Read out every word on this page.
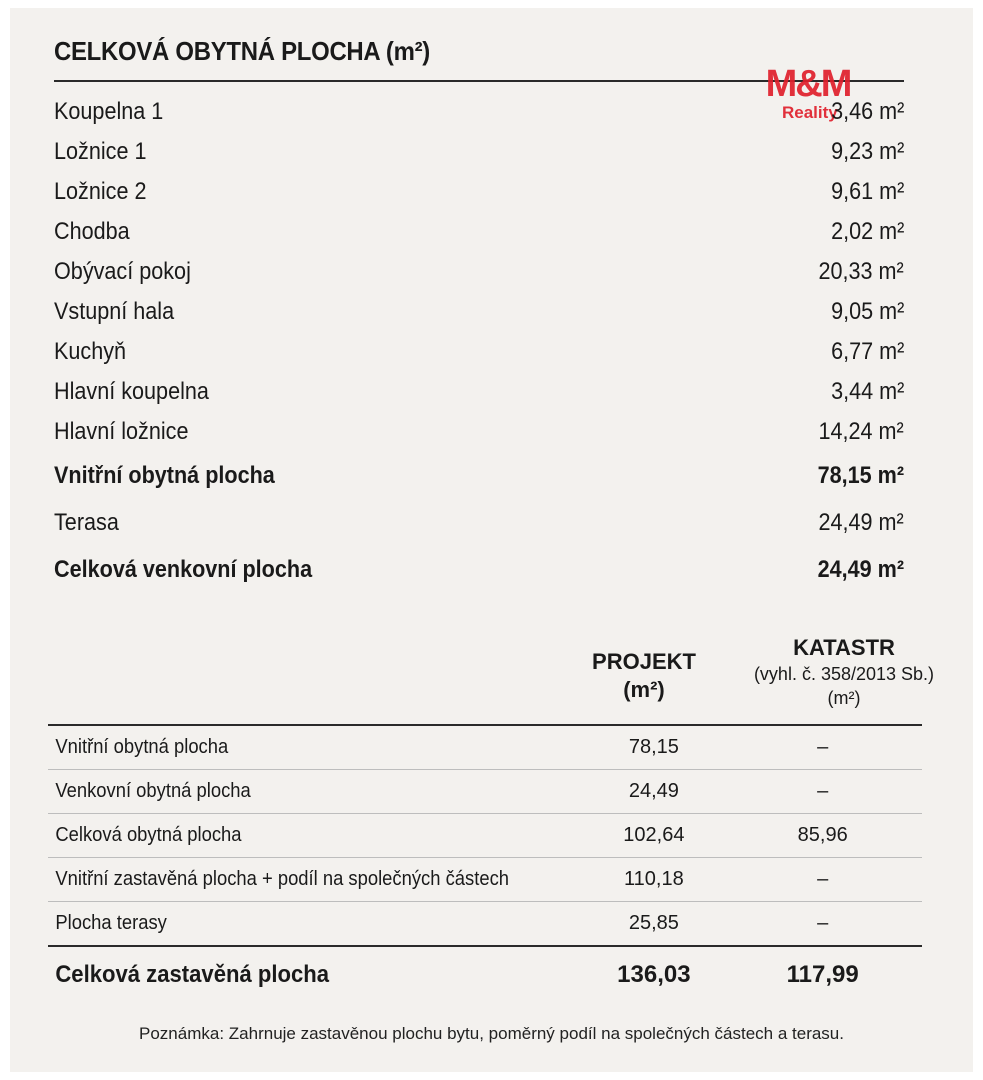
CELKOVÁ OBYTNÁ PLOCHA (m²)
M&M
Reality
Koupelna 1	3,46 m²
Ložnice 1	9,23 m²
Ložnice 2	9,61 m²
Chodba	2,02 m²
Obývací pokoj	20,33 m²
Vstupní hala	9,05 m²
Kuchyň	6,77 m²
Hlavní koupelna	3,44 m²
Hlavní ložnice	14,24 m²
Vnitřní obytná plocha	78,15 m²
Terasa	24,49 m²
Celková venkovní plocha	24,49 m²
PROJEKT
(m²)
KATASTR
(vyhl. č. 358/2013 Sb.)
(m²)
Vnitřní obytná plocha	78,15	–
Venkovní obytná plocha	24,49	–
Celková obytná plocha	102,64	85,96
Vnitřní zastavěná plocha + podíl na společných částech	110,18	–
Plocha terasy	25,85	–
Celková zastavěná plocha	136,03	117,99
Poznámka: Zahrnuje zastavěnou plochu bytu, poměrný podíl na společných částech a terasu.
